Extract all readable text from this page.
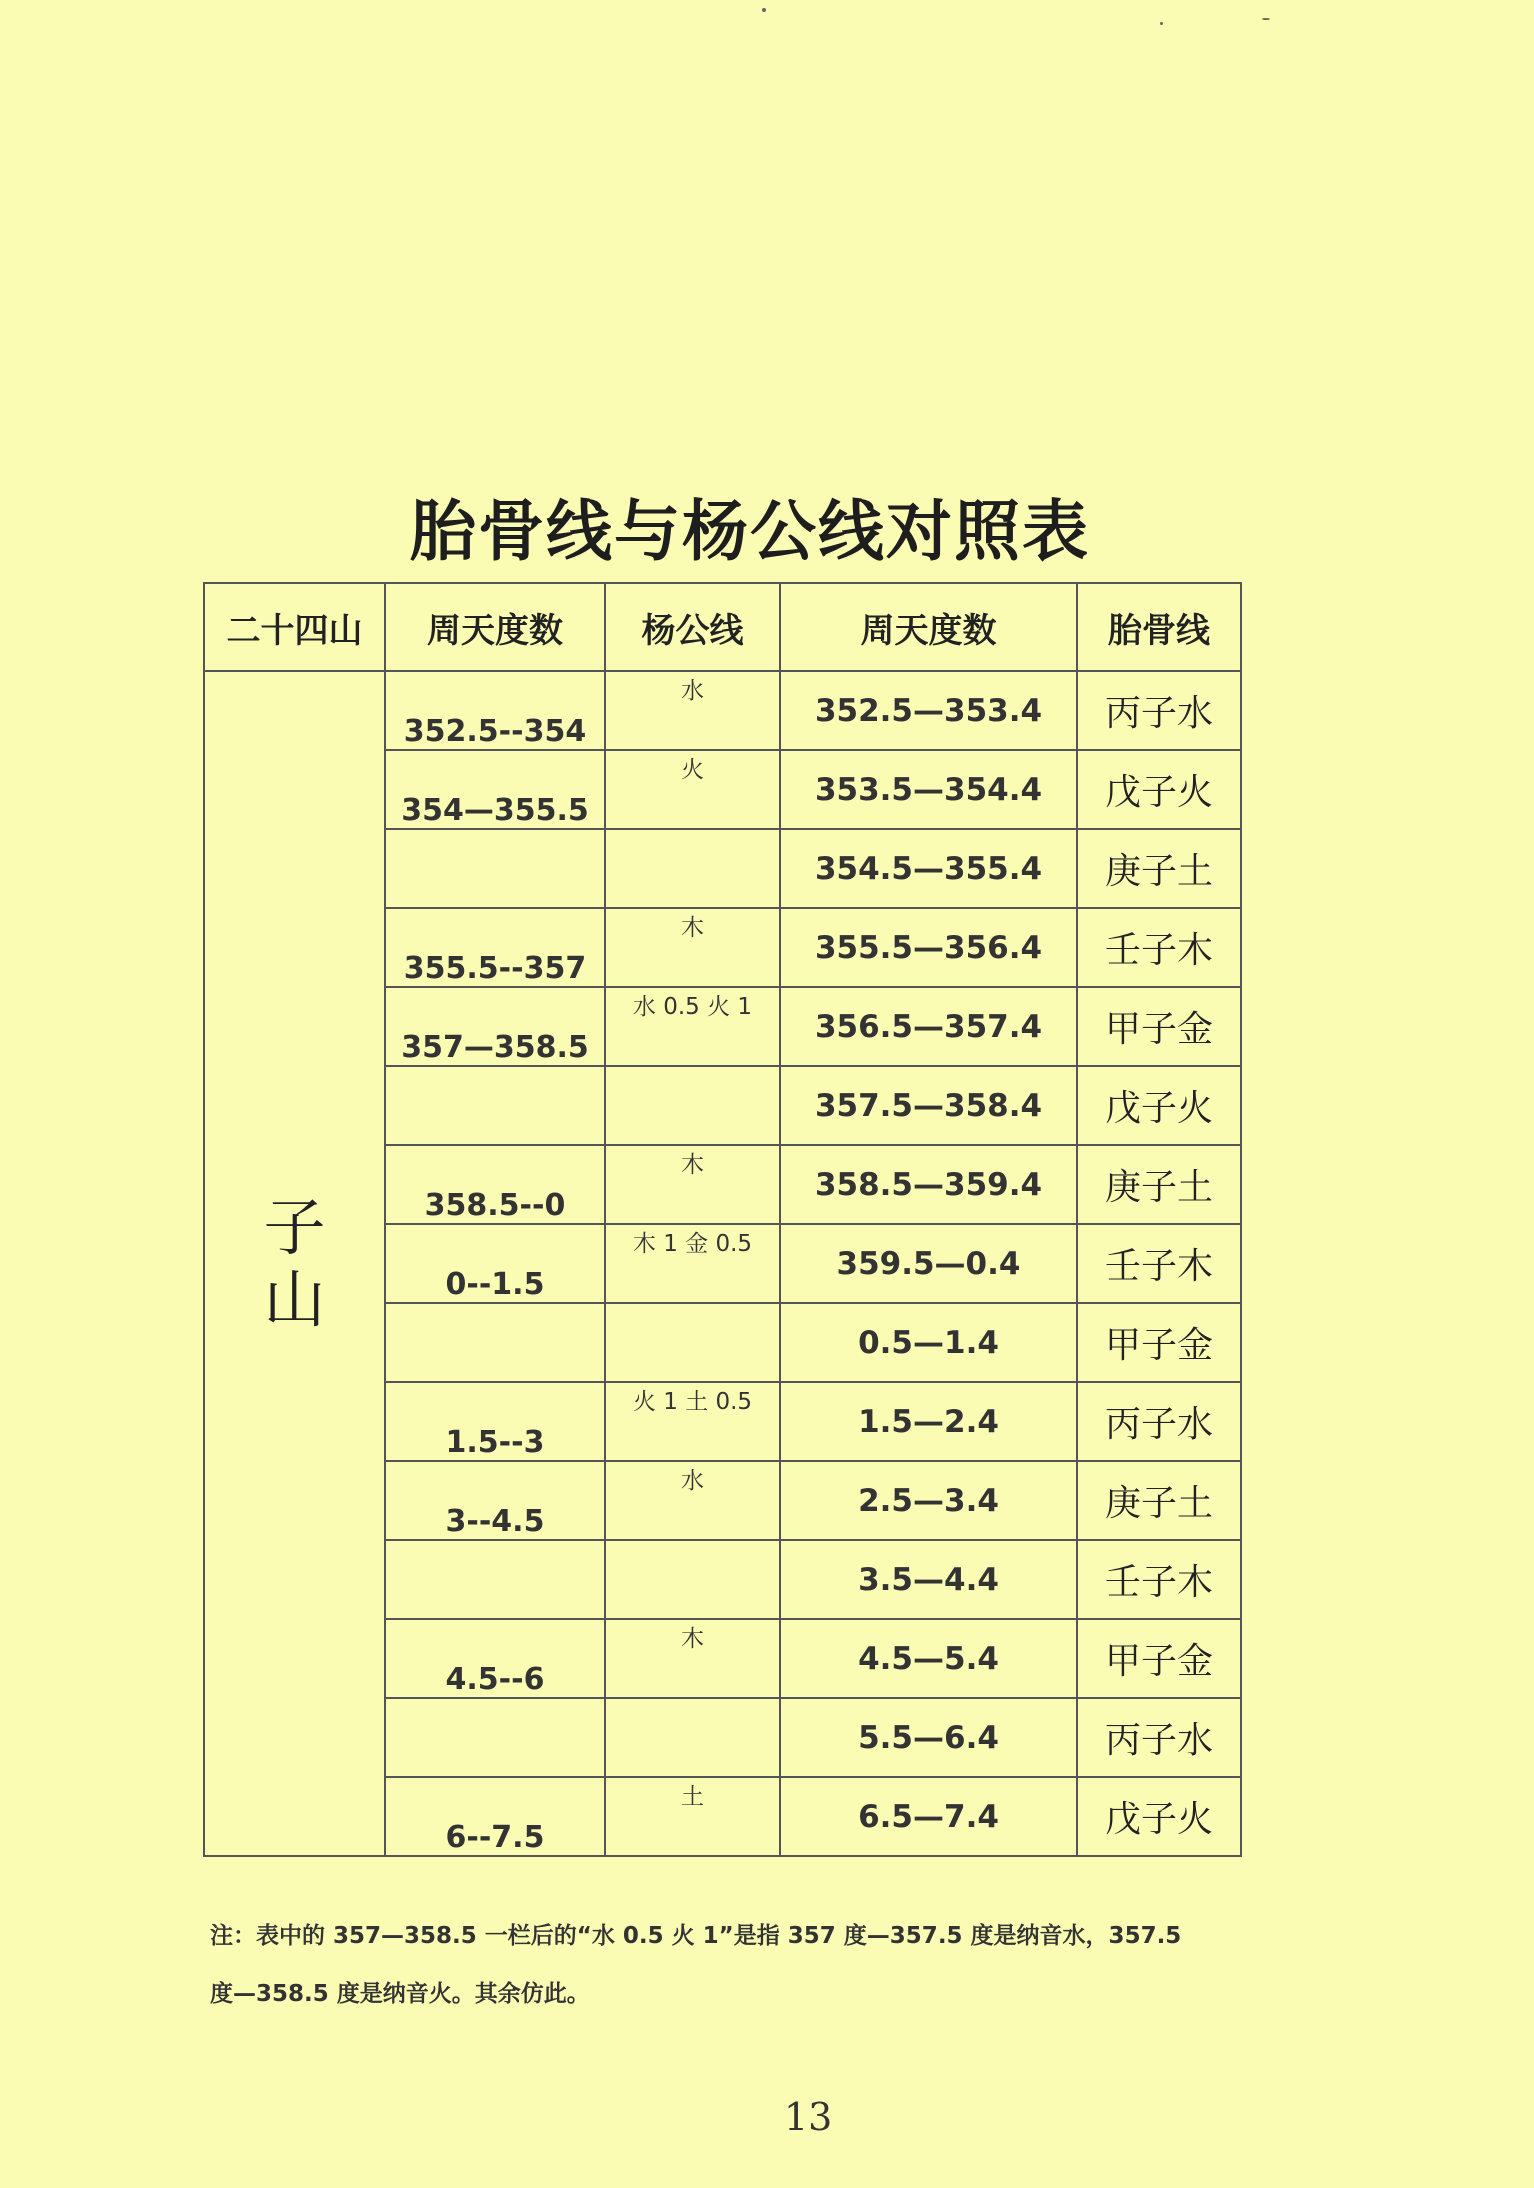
胎骨线与杨公线对照表
二十四山	周天度数	杨公线	周天度数	胎骨线
子山	352.5--354	水	352.5—353.4	丙子水
	354—355.5	火	353.5—354.4	戊子火
			354.5—355.4	庚子土
	355.5--357	木	355.5—356.4	壬子木
	357—358.5	水 0.5 火 1	356.5—357.4	甲子金
			357.5—358.4	戊子火
	358.5--0	木	358.5—359.4	庚子土
	0--1.5	木 1 金 0.5	359.5—0.4	壬子木
			0.5—1.4	甲子金
	1.5--3	火 1 土 0.5	1.5—2.4	丙子水
	3--4.5	水	2.5—3.4	庚子土
			3.5—4.4	壬子木
	4.5--6	木	4.5—5.4	甲子金
			5.5—6.4	丙子水
	6--7.5	土	6.5—7.4	戊子火
注：表中的 357—358.5 一栏后的“水 0.5 火 1”是指 357 度—357.5 度是纳音水，357.5
度—358.5 度是纳音火。其余仿此。
13
